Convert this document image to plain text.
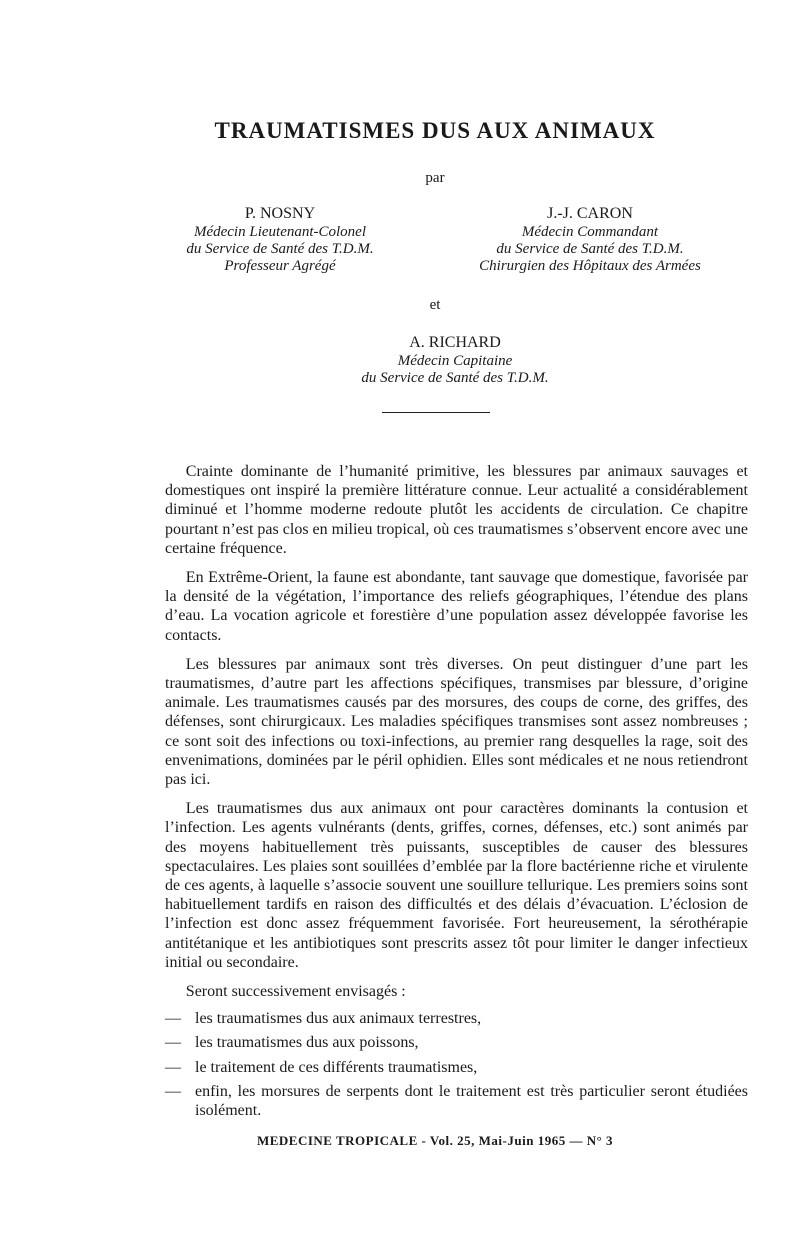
TRAUMATISMES DUS AUX ANIMAUX
par
P. NOSNY
Médecin Lieutenant-Colonel
du Service de Santé des T.D.M.
Professeur Agrégé
J.-J. CARON
Médecin Commandant
du Service de Santé des T.D.M.
Chirurgien des Hôpitaux des Armées
et
A. RICHARD
Médecin Capitaine
du Service de Santé des T.D.M.

Crainte dominante de l’humanité primitive, les blessures par animaux sauvages et domestiques ont inspiré la première littérature connue. Leur actualité a considérablement diminué et l’homme moderne redoute plutôt les accidents de circulation. Ce chapitre pourtant n’est pas clos en milieu tropical, où ces traumatismes s’observent encore avec une certaine fréquence.

En Extrême-Orient, la faune est abondante, tant sauvage que domestique, favorisée par la densité de la végétation, l’importance des reliefs géographiques, l’étendue des plans d’eau. La vocation agricole et forestière d’une population assez développée favorise les contacts.

Les blessures par animaux sont très diverses. On peut distinguer d’une part les traumatismes, d’autre part les affections spécifiques, transmises par blessure, d’origine animale. Les traumatismes causés par des morsures, des coups de corne, des griffes, des défenses, sont chirurgicaux. Les maladies spécifiques transmises sont assez nombreuses ; ce sont soit des infections ou toxi-infections, au premier rang desquelles la rage, soit des envenimations, dominées par le péril ophidien. Elles sont médicales et ne nous retiendront pas ici.

Les traumatismes dus aux animaux ont pour caractères dominants la contusion et l’infection. Les agents vulnérants (dents, griffes, cornes, défenses, etc.) sont animés par des moyens habituellement très puissants, susceptibles de causer des blessures spectaculaires. Les plaies sont souillées d’emblée par la flore bactérienne riche et virulente de ces agents, à laquelle s’associe souvent une souillure tellurique. Les premiers soins sont habituellement tardifs en raison des difficultés et des délais d’évacuation. L’éclosion de l’infection est donc assez fréquemment favorisée. Fort heureusement, la sérothérapie antitétanique et les antibiotiques sont prescrits assez tôt pour limiter le danger infectieux initial ou secondaire.

Seront successivement envisagés :

— les traumatismes dus aux animaux terrestres,
— les traumatismes dus aux poissons,
— le traitement de ces différents traumatismes,
— enfin, les morsures de serpents dont le traitement est très particulier seront étudiées isolément.
MEDECINE TROPICALE - Vol. 25, Mai-Juin 1965 — N° 3
